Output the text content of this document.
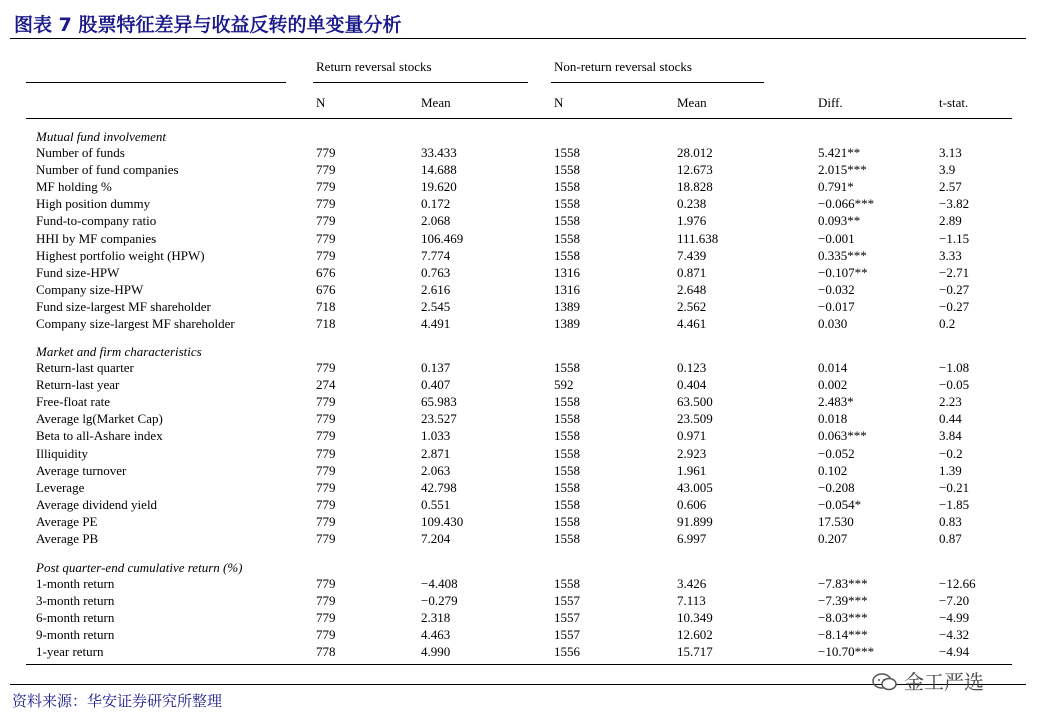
图表 7 股票特征差异与收益反转的单变量分析
Return reversal stocks	Non-return reversal stocks
N	Mean	N	Mean	Diff.	t-stat.
Mutual fund involvement
Number of funds	779	33.433	1558	28.012	5.421**	3.13
Number of fund companies	779	14.688	1558	12.673	2.015***	3.9
MF holding %	779	19.620	1558	18.828	0.791*	2.57
High position dummy	779	0.172	1558	0.238	−0.066***	−3.82
Fund-to-company ratio	779	2.068	1558	1.976	0.093**	2.89
HHI by MF companies	779	106.469	1558	111.638	−0.001	−1.15
Highest portfolio weight (HPW)	779	7.774	1558	7.439	0.335***	3.33
Fund size-HPW	676	0.763	1316	0.871	−0.107**	−2.71
Company size-HPW	676	2.616	1316	2.648	−0.032	−0.27
Fund size-largest MF shareholder	718	2.545	1389	2.562	−0.017	−0.27
Company size-largest MF shareholder	718	4.491	1389	4.461	0.030	0.2
Market and firm characteristics
Return-last quarter	779	0.137	1558	0.123	0.014	−1.08
Return-last year	274	0.407	592	0.404	0.002	−0.05
Free-float rate	779	65.983	1558	63.500	2.483*	2.23
Average lg(Market Cap)	779	23.527	1558	23.509	0.018	0.44
Beta to all-Ashare index	779	1.033	1558	0.971	0.063***	3.84
Illiquidity	779	2.871	1558	2.923	−0.052	−0.2
Average turnover	779	2.063	1558	1.961	0.102	1.39
Leverage	779	42.798	1558	43.005	−0.208	−0.21
Average dividend yield	779	0.551	1558	0.606	−0.054*	−1.85
Average PE	779	109.430	1558	91.899	17.530	0.83
Average PB	779	7.204	1558	6.997	0.207	0.87
Post quarter-end cumulative return (%)
1-month return	779	−4.408	1558	3.426	−7.83***	−12.66
3-month return	779	−0.279	1557	7.113	−7.39***	−7.20
6-month return	779	2.318	1557	10.349	−8.03***	−4.99
9-month return	779	4.463	1557	12.602	−8.14***	−4.32
1-year return	778	4.990	1556	15.717	−10.70***	−4.94
资料来源：华安证券研究所整理
金工严选
